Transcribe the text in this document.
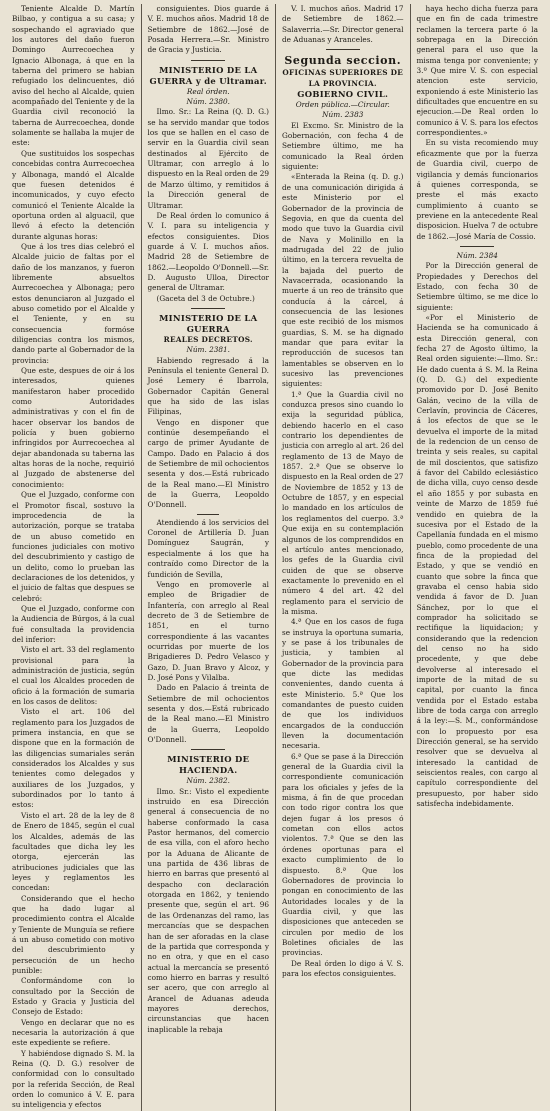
Teniente Alcalde D. Martín Bilbao, y contigua a su casa; y sospechando el agraviado que los autores del daño fueron Domingo Aurrecoechea y Ignacio Albonaga, á que en la taberna del primero se habian refugiado los delincuentes, dió aviso del hecho al Alcalde, quien acompañado del Teniente y de la Guardia civil reconoció la taberna de Aurrecoechea, donde solamente se hallaba la mujer de este:

Que sustituidos los sospechas concebidas contra Aurrecoechea y Albonaga, mandó el Alcalde que fuesen detenidos é incomunicados, y cuyo efecto comunicó el Teniente Alcalde la oportuna orden al alguacil, que llevó á efecto la detención durante algunas horas:

Que á los tres dias celebró el Alcalde juicio de faltas por el daño de los manzanos, y fueron libremente absueltos Aurrecoechea y Albonaga; pero estos denunciaron al Juzgado el abuso cometido por el Alcalde y el Teniente, y en su consecuencia formóse diligencias contra los mismos, dando parte al Gobernador de la provincia:

Que este, despues de oir á los interesados, quienes manifestaron haber procedido como Autoridades administrativas y con el fin de hacer observar los bandos de policía y buen gobierno infringidos por Aurrecoechea al dejar abandonada su taberna las altas horas de la noche, requirió al Juzgado de abstenerse del conocimiento:

Que el Juzgado, conforme con el Promotor fiscal, sostuvo la improcedencia de la autorización, porque se trataba de un abuso cometido en funciones judiciales con motivo del descubrimiento y castigo de un delito, como lo prueban las declaraciones de los detenidos, y el juicio de faltas que despues se celebró:

Que el Juzgado, conforme con la Audiencia de Búrgos, á la cual fué consultada la providencia del inferior:

Visto el art. 33 del reglamento provisional para la administración de justicia, según el cual los Alcaldes proceden de oficio á la formación de sumaria en los casos de delitos:

Visto el art. 106 del reglamento para los Juzgados de primera instancia, en que se dispone que en la formación de las diligencias sumariales serán considerados los Alcaldes y sus tenientes como delegados y auxiliares de los Juzgados, y subordinados por lo tanto á estos:

Visto el art. 28 de la ley de 8 de Enero de 1845, según el cual los Alcaldes, además de las facultades que dicha ley les otorga, ejercerán las atribuciones judiciales que las leyes y reglamentos les concedan:

Considerando que el hecho que ha dado lugar al procedimiento contra el Alcalde y Teniente de Munguía se refiere á un abuso cometido con motivo del descubrimiento y persecución de un hecho punible:

Conformándome con lo consultado por la Sección de Estado y Gracia y Justicia del Consejo de Estado:

Vengo en declarar que no es necesaria la autorización á que este expediente se refiere.

Y habiéndose dignado S. M. la Reina (Q. D. G.) resolver de conformidad con lo consultado por la referida Sección, de Real orden lo comunico á V. E. para su inteligencia y efectos

consiguientes. Dios guarde á V. E. muchos años. Madrid 18 de Setiembre de 1862.—José de Posada Herrera.—Sr. Ministro de Gracia y Justicia.

MINISTERIO DE LA GUERRA y de Ultramar.

Real órden.

Núm. 2380.

Ilmo. Sr.: La Reina (Q. D. G.) se ha servido mandar que todos los que se hallen en el caso de servir en la Guardia civil sean destinados al Ejército de Ultramar, con arreglo á lo dispuesto en la Real orden de 29 de Marzo último, y remitidos á la Dirección general de Ultramar.

De Real órden lo comunico á V. I. para su inteligencia y efectos consiguientes. Dios guarde á V. I. muchos años. Madrid 28 de Setiembre de 1862.—Leopoldo O'Donnell.—Sr. D. Augusto Ulloa, Director general de Ultramar.

(Gaceta del 3 de Octubre.)

MINISTERIO DE LA GUERRA

REALES DECRETOS.

Núm. 2381.

Habiendo regresado á la Península el teniente General D. José Lemery é Ibarrola, Gobernador Capitán General que ha sido de las islas Filipinas,

Vengo en disponer que continúe desempeñando el cargo de primer Ayudante de Campo. Dado en Palacio á dos de Setiembre de mil ochocientos sesenta y dos.—Está rubricado de la Real mano.—El Ministro de la Guerra, Leopoldo O'Donnell.

Atendiendo á los servicios del Coronel de Artillería D. Juan Domínguez Saugrán, y especialmente á los que ha contraído como Director de la fundición de Sevilla,

Vengo en promoverle al empleo de Brigadier de Infantería, con arreglo al Real decreto de 3 de Setiembre de 1851, en el turno correspondiente á las vacantes ocurridas por muerte de los Brigadieres D. Pedro Velasco y Gazo, D. Juan Bravo y Alcoz, y D. José Pons y Vilalba.

Dado en Palacio á treinta de Setiembre de mil ochocientos sesenta y dos.—Está rubricado de la Real mano.—El Ministro de la Guerra, Leopoldo O'Donnell.

MINISTERIO DE HACIENDA.

Núm. 2382.

Ilmo. Sr.: Visto el expediente instruido en esa Dirección general á consecuencia de no haberse conformado la casa Pastor hermanos, del comercio de esa villa, con el aforo hecho por la Aduana de Alicante de una partida de 436 libras de hierro en barras que presentó al despacho con declaración otorgada en 1862, y teniendo presente que, según el art. 96 de las Ordenanzas del ramo, las mercancías que se despachen han de ser aforadas en la clase de la partida que corresponda y no en otra, y que en el caso actual la mercancía se presentó como hierro en barras y resultó ser acero, que con arreglo al Arancel de Aduanas adeuda mayores derechos, circunstancias que hacen inaplicable la rebaja

V. I. muchos años. Madrid 17 de Setiembre de 1862.—Salaverria.—Sr. Director general de Aduanas y Aranceles.

Segunda seccion.

OFICINAS SUPERIORES DE LA PROVINCIA.

GOBIERNO CIVIL.

Orden pública.—Circular.

Núm. 2383

El Excmo. Sr. Ministro de la Gobernación, con fecha 4 de Setiembre último, me ha comunicado la Real órden siguiente:

«Enterada la Reina (q. D. g.) de una comunicación dirigida á este Ministerio por el Gobernador de la provincia de Segovia, en que da cuenta del modo que tuvo la Guardia civil de Nava y Molinillo en la madrugada del 22 de julio último, en la tercera revuelta de la bajada del puerto de Navacerrada, ocasionando la muerte á un reo de tránsito que conducía á la cárcel, á consecuencia de las lesiones que este recibió de los mismos guardias, S. M. se ha dignado mandar que para evitar la reproducción de sucesos tan lamentables se observen en lo sucesivo las prevenciones siguientes:

1.ª Que la Guardia civil no conduzca presos sino cuando lo exija la seguridad pública, debiendo hacerlo en el caso contrario los dependientes de justicia con arreglo al art. 26 del reglamento de 13 de Mayo de 1857. 2.ª Que se observe lo dispuesto en la Real orden de 27 de Noviembre de 1852 y 13 de Octubre de 1857, y en especial lo mandado en los artículos de los reglamentos del cuerpo. 3.ª Que exija en su contemplación algunos de los comprendidos en el artículo antes mencionado, los gefes de la Guardia civil cuiden de que se observe exactamente lo prevenido en el número 4 del art. 42 del reglamento para el servicio de la misma.

4.ª Que en los casos de fuga se instruya la oportuna sumaria, y se pase á los tribunales de justicia, y tambien al Gobernador de la provincia para que dicte las medidas convenientes, dando cuenta á este Ministerio. 5.ª Que los comandantes de puesto cuiden de que los individuos encargados de la conducción lleven la documentación necesaria.

6.ª Que se pase á la Dirección general de la Guardia civil la correspondiente comunicación para los oficiales y jefes de la misma, á fin de que procedan con todo rigor contra los que dejen fugar á los presos ó cometan con ellos actos violentos. 7.ª Que se den las órdenes oportunas para el exacto cumplimiento de lo dispuesto. 8.ª Que los Gobernadores de provincia lo pongan en conocimiento de las Autoridades locales y de la Guardia civil, y que las disposiciones que anteceden se circulen por medio de los Boletines oficiales de las provincias.

De Real órden lo digo á V. S. para los efectos consiguientes.

haya hecho dicha fuerza para que en fin de cada trimestre reclamen la tercera parte ó la sobrepaga en la Dirección general para el uso que la misma tenga por conveniente; y 3.º Que mire V. S. con especial atencion este servicio, exponiendo á este Ministerio las dificultades que encuentre en su ejecucion.—De Real orden lo comunico á V. S. para los efectos correspondientes.»

En su vista recomiendo muy eficazmente que por la fuerza de Guardia civil, cuerpo de vigilancia y demás funcionarios á quienes corresponda, se preste el más exacto cumplimiento á cuanto se previene en la antecedente Real disposicion. Huelva 7 de octubre de 1862.—José María de Cossio.

Núm. 2384

Por la Dirección general de Propiedades y Derechos del Estado, con fecha 30 de Setiembre último, se me dice lo siguiente:

«Por el Ministerio de Hacienda se ha comunicado á esta Dirección general, con fecha 27 de Agosto último, la Real orden siguiente:—Ilmo. Sr.: He dado cuenta á S. M. la Reina (Q. D. G.) del expediente promovido por D. José Benito Galán, vecino de la villa de Cerlavín, provincia de Cáceres, á los efectos de que se le devuelva el importe de la mitad de la redencion de un censo de treinta y seis reales, su capital de mil doscientos, que satisfizo á favor del Cabildo eclesiástico de dicha villa, cuyo censo desde el año 1855 y por subasta en veinte de Marzo de 1859 fué vendido en quiebra de la sucesiva por el Estado de la Capellanía fundada en el mismo pueblo, como procedente de una finca de la propiedad del Estado, y que se vendió en cuanto que sobre la finca que gravaba el censo habia sido vendida á favor de D. Juan Sánchez, por lo que el comprador ha solicitado se rectifique la liquidacion; y considerando que la redencion del censo no ha sido procedente, y que debe devolverse al interesado el importe de la mitad de su capital, por cuanto la finca vendida por el Estado estaba libre de toda carga con arreglo á la ley:—S. M., conformándose con lo propuesto por esa Dirección general, se ha servido resolver que se devuelva al interesado la cantidad de seiscientos reales, con cargo al capítulo correspondiente del presupuesto, por haber sido satisfecha indebidamente.
